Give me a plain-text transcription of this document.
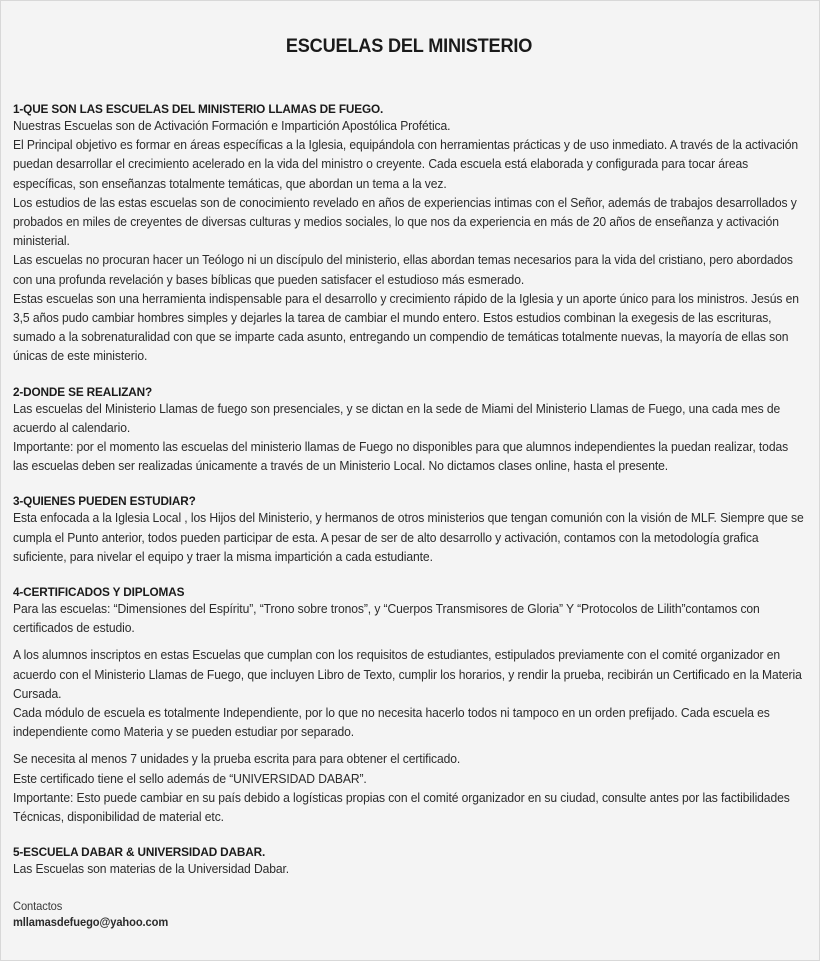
ESCUELAS DEL MINISTERIO
1-QUE SON LAS ESCUELAS DEL MINISTERIO LLAMAS DE FUEGO.

Nuestras Escuelas son de Activación Formación e Impartición Apostólica Profética.

El Principal objetivo es formar en áreas específicas a la Iglesia, equipándola con herramientas prácticas y de uso inmediato. A través de la activación puedan desarrollar el crecimiento acelerado en la vida del ministro o creyente. Cada escuela está elaborada y configurada para tocar áreas específicas, son enseñanzas totalmente temáticas, que abordan un tema a la vez.

Los estudios de las estas escuelas son de conocimiento revelado en años de experiencias intimas con el Señor, además de trabajos desarrollados y probados en miles de creyentes de diversas culturas y medios sociales, lo que nos da experiencia en más de 20 años de enseñanza y activación ministerial.

Las escuelas no procuran hacer un Teólogo ni un discípulo del ministerio, ellas abordan temas necesarios para la vida del cristiano, pero abordados con una profunda revelación y bases bíblicas que pueden satisfacer el estudioso más esmerado.

Estas escuelas son una herramienta indispensable para el desarrollo y crecimiento rápido de la Iglesia y un aporte único para los ministros. Jesús en 3,5 años pudo cambiar hombres simples y dejarles la tarea de cambiar el mundo entero. Estos estudios combinan la exegesis de las escrituras, sumado a la sobrenaturalidad con que se imparte cada asunto, entregando un compendio de temáticas totalmente nuevas, la mayoría de ellas son únicas de este ministerio.

2-DONDE SE REALIZAN?

Las escuelas del Ministerio Llamas de fuego son presenciales, y se dictan en la sede de Miami del Ministerio Llamas de Fuego, una cada mes de acuerdo al calendario.

Importante: por el momento las escuelas del ministerio llamas de Fuego no disponibles para que alumnos independientes la puedan realizar, todas las escuelas deben ser realizadas únicamente a través de un Ministerio Local. No dictamos clases online, hasta el presente.

3-QUIENES PUEDEN ESTUDIAR?

Esta enfocada a la Iglesia Local , los Hijos del Ministerio, y hermanos de otros ministerios que tengan comunión con la visión de MLF. Siempre que se cumpla el Punto anterior, todos pueden participar de esta. A pesar de ser de alto desarrollo y activación, contamos con la metodología grafica suficiente, para nivelar el equipo y traer la misma impartición a cada estudiante.

4-CERTIFICADOS Y DIPLOMAS

Para las escuelas: “Dimensiones del Espíritu”, “Trono sobre tronos”, y “Cuerpos Transmisores de Gloria” Y “Protocolos de Lilith”contamos con certificados de estudio.

A los alumnos inscriptos en estas Escuelas que cumplan con los requisitos de estudiantes, estipulados previamente con el comité organizador en acuerdo con el Ministerio Llamas de Fuego, que incluyen Libro de Texto, cumplir los horarios, y rendir la prueba, recibirán un Certificado en la Materia Cursada.

Cada módulo de escuela es totalmente Independiente, por lo que no necesita hacerlo todos ni tampoco en un orden prefijado. Cada escuela es independiente como Materia y se pueden estudiar por separado.

Se necesita al menos 7 unidades y la prueba escrita para para obtener el certificado.

Este certificado tiene el sello además de “UNIVERSIDAD DABAR”.

Importante: Esto puede cambiar en su país debido a logísticas propias con el comité organizador en su ciudad, consulte antes por las factibilidades Técnicas, disponibilidad de material etc.

5-ESCUELA DABAR & UNIVERSIDAD DABAR.

Las Escuelas son materias de la Universidad Dabar.

Contactos
mllamasdefuego@yahoo.com
